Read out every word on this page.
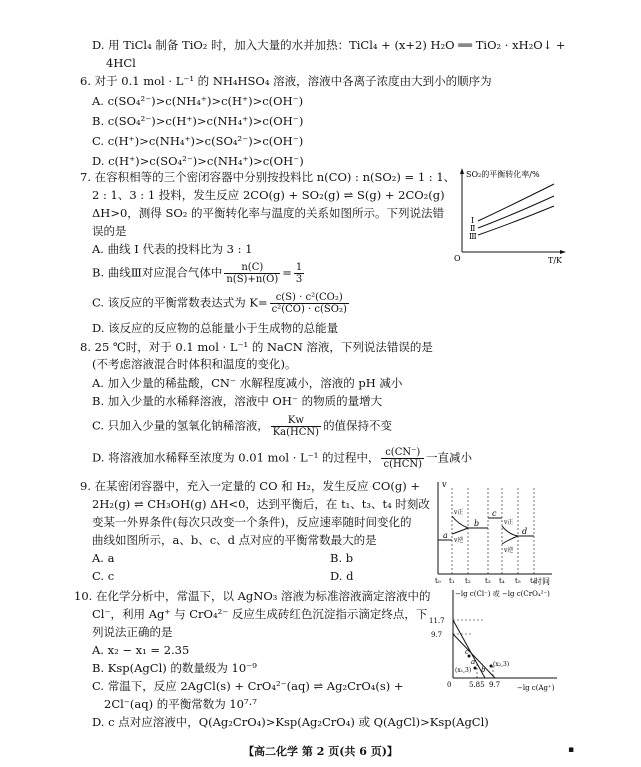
D. 用 TiCl₄ 制备 TiO₂ 时，加入大量的水并加热：TiCl₄ + (x+2) H₂O ══ TiO₂ · xH₂O↓ +
4HCl
6. 对于 0.1 mol · L⁻¹ 的 NH₄HSO₄ 溶液，溶液中各离子浓度由大到小的顺序为
A. c(SO₄²⁻)>c(NH₄⁺)>c(H⁺)>c(OH⁻)
B. c(SO₄²⁻)>c(H⁺)>c(NH₄⁺)>c(OH⁻)
C. c(H⁺)>c(NH₄⁺)>c(SO₄²⁻)>c(OH⁻)
D. c(H⁺)>c(SO₄²⁻)>c(NH₄⁺)>c(OH⁻)
7. 在容积相等的三个密闭容器中分别按投料比 n(CO) : n(SO₂) = 1 : 1、
2 : 1、3 : 1 投料，发生反应 2CO(g) + SO₂(g) ⇌ S(g) + 2CO₂(g)
ΔH>0，测得 SO₂ 的平衡转化率与温度的关系如图所示。下列说法错
误的是
A. 曲线 Ⅰ 代表的投料比为 3 : 1
B. 曲线Ⅲ对应混合气体中 $\frac{n(C)}{n(S)+n(O)} = \frac{1}{3}$
C. 该反应的平衡常数表达式为 $K= \frac{\text{c(S) · c²(CO₂)}}{\text{c²(CO) · c(SO₂)}}$
D. 该反应的反应物的总能量小于生成物的总能量
SO₂的平衡转化率/%
T/K
O
Ⅰ
Ⅱ
Ⅲ
8. 25 ℃时，对于 0.1 mol · L⁻¹ 的 NaCN 溶液，下列说法错误的是
(不考虑溶液混合时体积和温度的变化)。
A. 加入少量的稀盐酸，CN⁻ 水解程度减小，溶液的 pH 减小
B. 加入少量的水稀释溶液，溶液中 OH⁻ 的物质的量增大
C. 只加入少量的氢氧化钠稀溶液， $\frac{Kw}{\text{Ka(HCN)}}$ 的值保持不变
D. 将溶液加水稀释至浓度为 0.01 mol · L⁻¹ 的过程中， $\frac{c(CN^-)}{\text{c(HCN)}}$ 一直减小
9. 在某密闭容器中，充入一定量的 CO 和 H₂，发生反应 CO(g) +
2H₂(g) ⇌ CH₃OH(g) ΔH<0，达到平衡后，在 t₁、t₃、t₄ 时刻改
变某一外界条件(每次只改变一个条件)，反应速率随时间变化的
曲线如图所示，a、b、c、d 点对应的平衡常数最大的是
A. a	B. b
C. c	D. d
v
时间
a
b
c
d
v正
v逆
v正
v逆
t₀ t₁ t₂ t₃ t₄ t₅ t₆
10. 在化学分析中，常温下，以 AgNO₃ 溶液为标准溶液滴定溶液中的
Cl⁻，利用 Ag⁺ 与 CrO₄²⁻ 反应生成砖红色沉淀指示滴定终点，下
列说法正确的是
A. x₂ − x₁ = 2.35
B. Ksp(AgCl) 的数量级为 10⁻⁹
C. 常温下，反应 2AgCl(s) + CrO₄²⁻(aq) ⇌ Ag₂CrO₄(s) +
2Cl⁻(aq) 的平衡常数为 10⁷·⁷
D. c 点对应溶液中，Q(Ag₂CrO₄)>Ksp(Ag₂CrO₄) 或 Q(AgCl)>Ksp(AgCl)
−lg c(Cl⁻) 或 −lg c(CrO₄²⁻)
−lg c(Ag⁺)
0
11.7
9.7
5.85 9.7
c
a
b
(x₂,3)
(x₁,3)
【高二化学 第 2 页(共 6 页)】	▪
